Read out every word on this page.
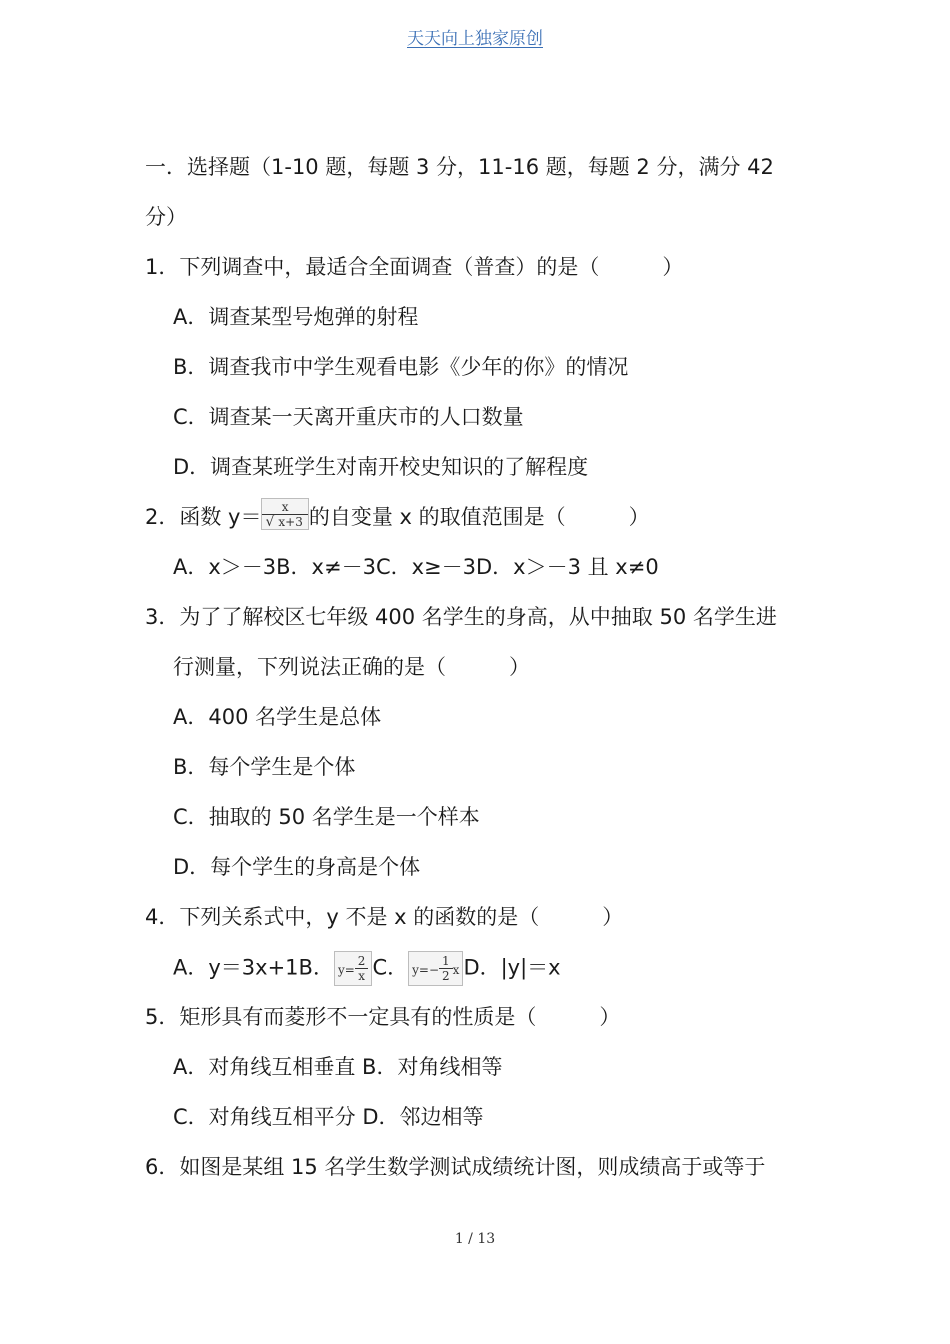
天天向上独家原创
一．选择题（1-10 题，每题 3 分，11-16 题，每题 2 分，满分 42
分）
1．下列调查中，最适合全面调查（普查）的是（　　　）
A．调查某型号炮弹的射程
B．调查我市中学生观看电影《少年的你》的情况
C．调查某一天离开重庆市的人口数量
D．调查某班学生对南开校史知识的了解程度
2．函数 $y= \frac{x}{√ x+3}$ 的自变量 x 的取值范围是（　　　）
A．x＞－3B．x≠－3C．x≥－3D．x＞－3 且 x≠0
3．为了了解校区七年级 400 名学生的身高，从中抽取 50 名学生进
行测量，下列说法正确的是（　　　）
A．400 名学生是总体
B．每个学生是个体
C．抽取的 50 名学生是一个样本
D．每个学生的身高是个体
4．下列关系式中，y 不是 x 的函数的是（　　　）
A．y＝3x+1B． $y= \frac{2}{x}$ C． $y=- \frac{1}{2}$ x D．|y|＝x
5．矩形具有而菱形不一定具有的性质是（　　　）
A．对角线互相垂直 B．对角线相等
C．对角线互相平分 D．邻边相等
6．如图是某组 15 名学生数学测试成绩统计图，则成绩高于或等于
1 / 13
